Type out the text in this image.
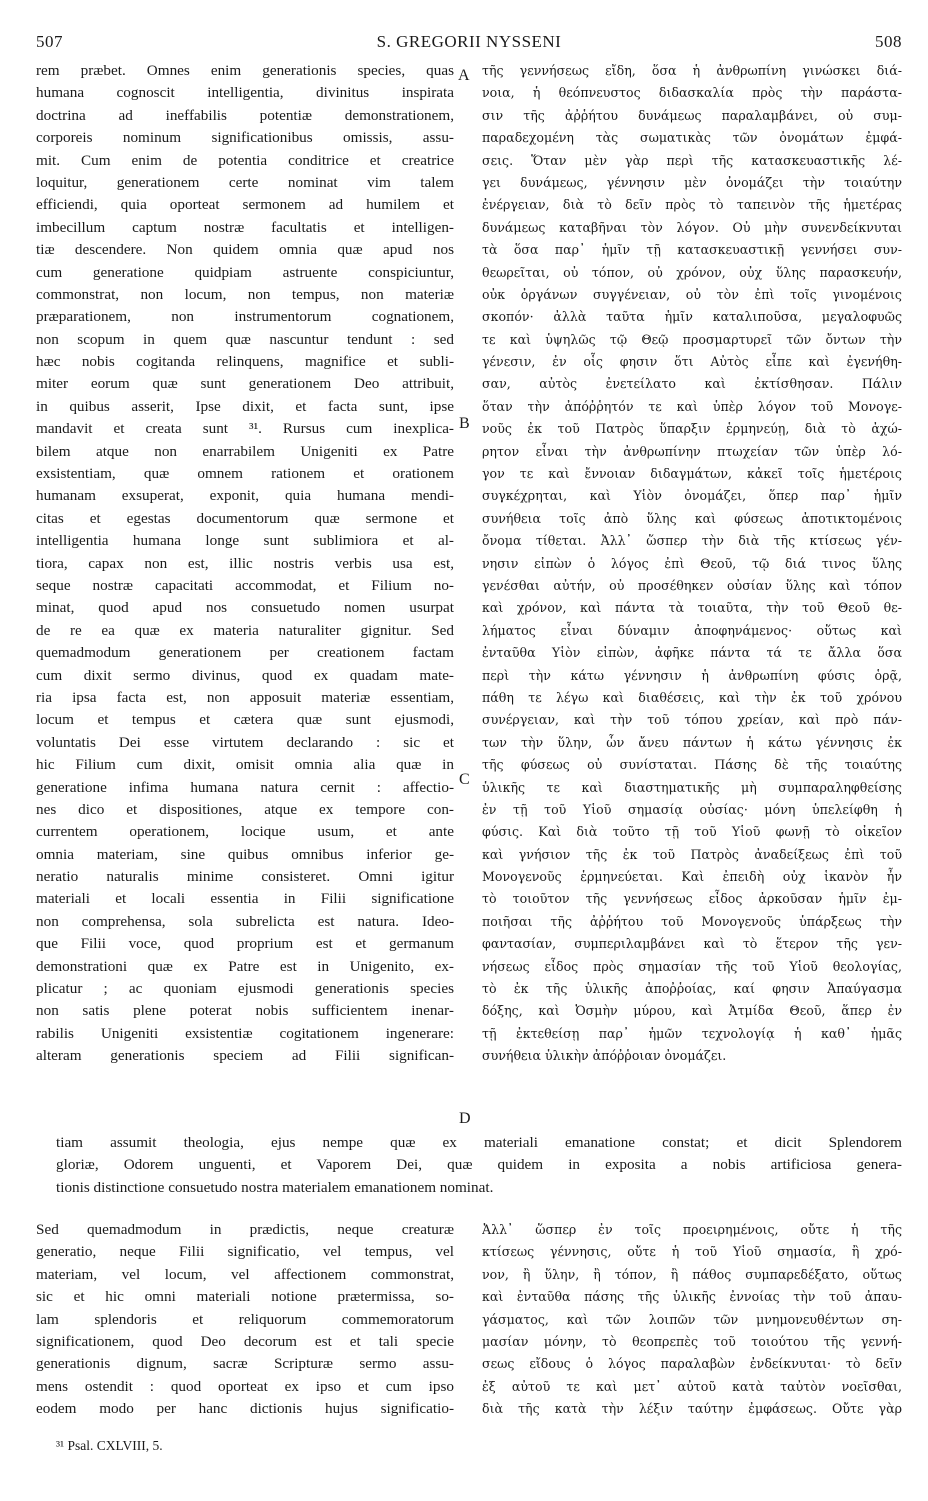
507	S. GREGORII NYSSENI	508
rem præbet. Omnes enim generationis species, quas
humana cognoscit intelligentia, divinitus inspirata
doctrina ad ineffabilis potentiæ demonstrationem,
corporeis nominum significationibus omissis, assu-
mit. Cum enim de potentia conditrice et creatrice
loquitur, generationem certe nominat vim talem
efficiendi, quia oporteat sermonem ad humilem et
imbecillum captum nostræ facultatis et intelligen-
tiæ descendere. Non quidem omnia quæ apud nos
cum generatione quidpiam astruente conspiciuntur,
commonstrat, non locum, non tempus, non materiæ
præparationem, non instrumentorum cognationem,
non scopum in quem quæ nascuntur tendunt : sed
hæc nobis cogitanda relinquens, magnifice et subli-
miter eorum quæ sunt generationem Deo attribuit,
in quibus asserit, Ipse dixit, et facta sunt, ipse
mandavit et creata sunt ³¹. Rursus cum inexplica-
bilem atque non enarrabilem Unigeniti ex Patre
exsistentiam, quæ omnem rationem et orationem
humanam exsuperat, exponit, quia humana mendi-
citas et egestas documentorum quæ sermone et
intelligentia humana longe sunt sublimiora et al-
tiora, capax non est, illic nostris verbis usa est,
seque nostræ capacitati accommodat, et Filium no-
minat, quod apud nos consuetudo nomen usurpat
de re ea quæ ex materia naturaliter gignitur. Sed
quemadmodum generationem per creationem factam
cum dixit sermo divinus, quod ex quadam mate-
ria ipsa facta est, non apposuit materiæ essentiam,
locum et tempus et cætera quæ sunt ejusmodi,
voluntatis Dei esse virtutem declarando : sic et
hic Filium cum dixit, omisit omnia alia quæ in
generatione infima humana natura cernit : affectio-
nes dico et dispositiones, atque ex tempore con-
currentem operationem, locique usum, et ante
omnia materiam, sine quibus omnibus inferior ge-
neratio naturalis minime consisteret. Omni igitur
materiali et locali essentia in Filii significatione
non comprehensa, sola subrelicta est natura. Ideo-
que Filii voce, quod proprium est et germanum
demonstrationi quæ ex Patre est in Unigenito, ex-
plicatur ; ac quoniam ejusmodi generationis species
non satis plene poterat nobis sufficientem inenar-
rabilis Unigeniti exsistentiæ cogitationem ingenerare:
alteram generationis speciem ad Filii significan-
τῆς γεννήσεως εἴδη, ὅσα ἡ ἀνθρωπίνη γινώσκει διά-
νοια, ἡ θεόπνευστος διδασκαλία πρὸς τὴν παράστα-
σιν τῆς ἀῤῥήτου δυνάμεως παραλαμβάνει, οὐ συμ-
παραδεχομένη τὰς σωματικὰς τῶν ὀνομάτων ἐμφά-
σεις. Ὅταν μὲν γὰρ περὶ τῆς κατασκευαστικῆς λέ-
γει δυνάμεως, γέννησιν μὲν ὀνομάζει τὴν τοιαύτην
ἐνέργειαν, διὰ τὸ δεῖν πρὸς τὸ ταπεινὸν τῆς ἡμετέρας
δυνάμεως καταβῆναι τὸν λόγον. Οὐ μὴν συνενδείκνυται
τὰ ὅσα παρ᾽ ἡμῖν τῇ κατασκευαστικῇ γεννήσει συν-
θεωρεῖται, οὐ τόπον, οὐ χρόνον, οὐχ ὕλης παρασκευήν,
οὐκ ὀργάνων συγγένειαν, οὐ τὸν ἐπὶ τοῖς γινομένοις
σκοπόν· ἀλλὰ ταῦτα ἡμῖν καταλιποῦσα, μεγαλοφυῶς
τε καὶ ὑψηλῶς τῷ Θεῷ προσμαρτυρεῖ τῶν ὄντων τὴν
γένεσιν, ἐν οἷς φησιν ὅτι Αὐτὸς εἶπε καὶ ἐγενήθη-
σαν, αὐτὸς ἐνετείλατο καὶ ἐκτίσθησαν. Πάλιν
ὅταν τὴν ἀπόῤῥητόν τε καὶ ὑπὲρ λόγον τοῦ Μονογε-
νοῦς ἐκ τοῦ Πατρὸς ὕπαρξιν ἑρμηνεύῃ, διὰ τὸ ἀχώ-
ρητον εἶναι τὴν ἀνθρωπίνην πτωχείαν τῶν ὑπὲρ λό-
γον τε καὶ ἔννοιαν διδαγμάτων, κἀκεῖ τοῖς ἡμετέροις
συγκέχρηται, καὶ Υἱὸν ὀνομάζει, ὅπερ παρ᾽ ἡμῖν
συνήθεια τοῖς ἀπὸ ὕλης καὶ φύσεως ἀποτικτομένοις
ὄνομα τίθεται. Ἀλλ᾽ ὥσπερ τὴν διὰ τῆς κτίσεως γέν-
νησιν εἰπὼν ὁ λόγος ἐπὶ Θεοῦ, τῷ διά τινος ὕλης
γενέσθαι αὐτήν, οὐ προσέθηκεν οὐσίαν ὕλης καὶ τόπον
καὶ χρόνον, καὶ πάντα τὰ τοιαῦτα, τὴν τοῦ Θεοῦ θε-
λήματος εἶναι δύναμιν ἀποφηνάμενος· οὕτως καὶ
ἐνταῦθα Υἱὸν εἰπὼν, ἀφῆκε πάντα τά τε ἄλλα ὅσα
περὶ τὴν κάτω γέννησιν ἡ ἀνθρωπίνη φύσις ὁρᾷ,
πάθη τε λέγω καὶ διαθέσεις, καὶ τὴν ἐκ τοῦ χρόνου
συνέργειαν, καὶ τὴν τοῦ τόπου χρείαν, καὶ πρὸ πάν-
των τὴν ὕλην, ὧν ἄνευ πάντων ἡ κάτω γέννησις ἐκ
τῆς φύσεως οὐ συνίσταται. Πάσης δὲ τῆς τοιαύτης
ὑλικῆς τε καὶ διαστηματικῆς μὴ συμπαραληφθείσης
ἐν τῇ τοῦ Υἱοῦ σημασίᾳ οὐσίας· μόνη ὑπελείφθη ἡ
φύσις. Καὶ διὰ τοῦτο τῇ τοῦ Υἱοῦ φωνῇ τὸ οἰκεῖον
καὶ γνήσιον τῆς ἐκ τοῦ Πατρὸς ἀναδείξεως ἐπὶ τοῦ
Μονογενοῦς ἑρμηνεύεται. Καὶ ἐπειδὴ οὐχ ἱκανὸν ἦν
τὸ τοιοῦτον τῆς γεννήσεως εἶδος ἀρκοῦσαν ἡμῖν ἐμ-
ποιῆσαι τῆς ἀῤῥήτου τοῦ Μονογενοῦς ὑπάρξεως τὴν
φαντασίαν, συμπεριλαμβάνει καὶ τὸ ἕτερον τῆς γεν-
νήσεως εἶδος πρὸς σημασίαν τῆς τοῦ Υἱοῦ θεολογίας,
τὸ ἐκ τῆς ὑλικῆς ἀποῤῥοίας, καί φησιν Ἀπαύγασμα
δόξης, καὶ Ὀσμὴν μύρου, καὶ Ἀτμίδα Θεοῦ, ἅπερ ἐν
τῇ ἐκτεθείσῃ παρ᾽ ἡμῶν τεχνολογίᾳ ἡ καθ᾽ ἡμᾶς
συνήθεια ὑλικὴν ἀπόῤῥοιαν ὀνομάζει.
tiam assumit theologia, ejus nempe quæ ex materiali emanatione constat; et dicit Splendorem
gloriæ, Odorem unguenti, et Vaporem Dei, quæ quidem in exposita a nobis artificiosa genera-
tionis distinctione consuetudo nostra materialem emanationem nominat.
Sed quemadmodum in prædictis, neque creaturæ
generatio, neque Filii significatio, vel tempus, vel
materiam, vel locum, vel affectionem commonstrat,
sic et hic omni materiali notione prætermissa, so-
lam splendoris et reliquorum commemoratorum
significationem, quod Deo decorum est et tali specie
generationis dignum, sacræ Scripturæ sermo assu-
mens ostendit : quod oporteat ex ipso et cum ipso
eodem modo per hanc dictionis hujus significatio-
Ἀλλ᾽ ὥσπερ ἐν τοῖς προειρημένοις, οὔτε ἡ τῆς
κτίσεως γέννησις, οὔτε ἡ τοῦ Υἱοῦ σημασία, ἢ χρό-
νον, ἢ ὕλην, ἢ τόπον, ἢ πάθος συμπαρεδέξατο, οὕτως
καὶ ἐνταῦθα πάσης τῆς ὑλικῆς ἐννοίας τὴν τοῦ ἀπαυ-
γάσματος, καὶ τῶν λοιπῶν τῶν μνημονευθέντων ση-
μασίαν μόνην, τὸ θεοπρεπὲς τοῦ τοιούτου τῆς γεννή-
σεως εἴδους ὁ λόγος παραλαβὼν ἐνδείκνυται· τὸ δεῖν
ἐξ αὐτοῦ τε καὶ μετ᾽ αὐτοῦ κατὰ ταὐτὸν νοεῖσθαι,
διὰ τῆς κατὰ τὴν λέξιν ταύτην ἐμφάσεως. Οὔτε γὰρ
A
B
C
D
³¹ Psal. CXLVIII, 5.
